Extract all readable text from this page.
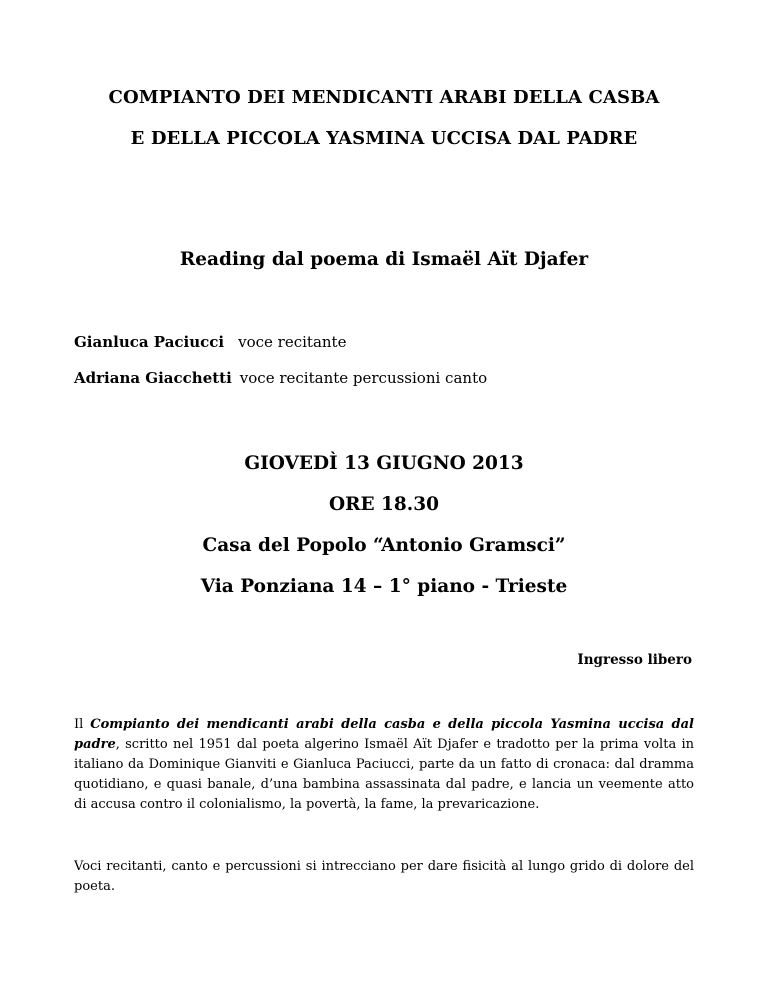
COMPIANTO DEI MENDICANTI ARABI DELLA CASBA
E DELLA PICCOLA YASMINA UCCISA DAL PADRE
Reading dal poema di Ismaël Aït Djafer
Gianluca Paciucci voce recitante
Adriana Giacchetti voce recitante percussioni canto
GIOVEDÌ 13 GIUGNO 2013
ORE 18.30
Casa del Popolo “Antonio Gramsci”
Via Ponziana 14 – 1° piano - Trieste
Ingresso libero
Il Compianto dei mendicanti arabi della casba e della piccola Yasmina uccisa dal padre, scritto nel 1951 dal poeta algerino Ismaël Aït Djafer e tradotto per la prima volta in italiano da Dominique Gianviti e Gianluca Paciucci, parte da un fatto di cronaca: dal dramma quotidiano, e quasi banale, d’una bambina assassinata dal padre, e lancia un veemente atto di accusa contro il colonialismo, la povertà, la fame, la prevaricazione.
Voci recitanti, canto e percussioni si intrecciano per dare fisicità al lungo grido di dolore del poeta.
